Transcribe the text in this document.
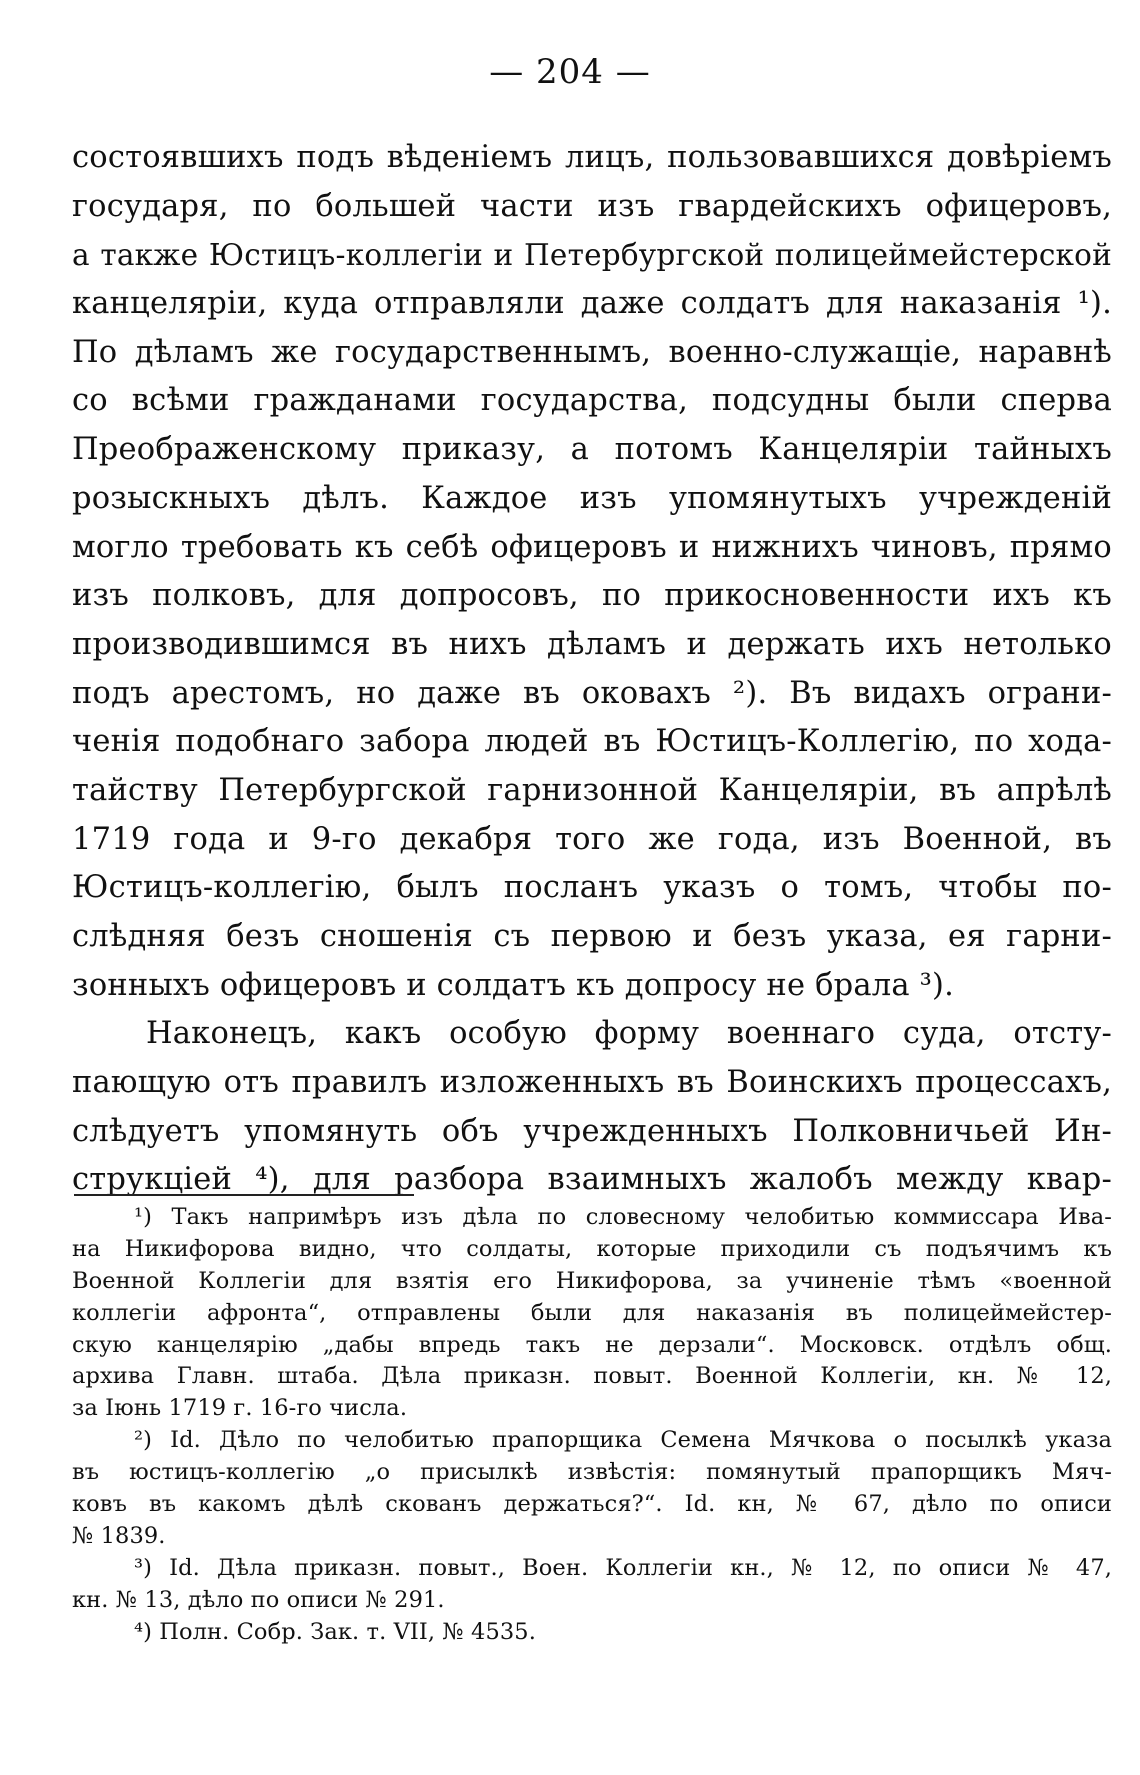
— 204 —
состоявшихъ подъ вѣденіемъ лицъ, пользовавшихся довѣріемъ
государя, по большей части изъ гвардейскихъ офицеровъ,
а также Юстицъ-коллегіи и Петербургской полицеймейстерской
канцеляріи, куда отправляли даже солдатъ для наказанія ¹).
По дѣламъ же государственнымъ, военно-служащіе, наравнѣ
со всѣми гражданами государства, подсудны были сперва
Преображенскому приказу, а потомъ Канцеляріи тайныхъ
розыскныхъ дѣлъ. Каждое изъ упомянутыхъ учрежденій
могло требовать къ себѣ офицеровъ и нижнихъ чиновъ, прямо
изъ полковъ, для допросовъ, по прикосновенности ихъ къ
производившимся въ нихъ дѣламъ и держать ихъ нетолько
подъ арестомъ, но даже въ оковахъ ²). Въ видахъ ограни-
ченія подобнаго забора людей въ Юстицъ-Коллегію, по хода-
тайству Петербургской гарнизонной Канцеляріи, въ апрѣлѣ
1719 года и 9-го декабря того же года, изъ Военной, въ
Юстицъ-коллегію, былъ посланъ указъ о томъ, чтобы по-
слѣдняя безъ сношенія съ первою и безъ указа, ея гарни-
зонныхъ офицеровъ и солдатъ къ допросу не брала ³).
Наконецъ, какъ особую форму военнаго суда, отсту-
пающую отъ правилъ изложенныхъ въ Воинскихъ процессахъ,
слѣдуетъ упомянуть объ учрежденныхъ Полковничьей Ин-
струкціей ⁴), для разбора взаимныхъ жалобъ между квар-
¹) Такъ напримѣръ изъ дѣла по словесному челобитью коммиссара Ива-
на Никифорова видно, что солдаты, которые приходили съ подъячимъ къ
Военной Коллегіи для взятія его Никифорова, за учиненіе тѣмъ «военной
коллегіи афронта“, отправлены были для наказанія въ полицеймейстер-
скую канцелярію „дабы впредь такъ не дерзали“. Московск. отдѣлъ общ.
архива Главн. штаба. Дѣла приказн. повыт. Военной Коллегіи, кн. № 12,
за Іюнь 1719 г. 16-го числа.
²) Id. Дѣло по челобитью прапорщика Семена Мячкова о посылкѣ указа
въ юстицъ-коллегію „о присылкѣ извѣстія: помянутый прапорщикъ Мяч-
ковъ въ какомъ дѣлѣ скованъ держаться?“. Id. кн, № 67, дѣло по описи
№ 1839.
³) Id. Дѣла приказн. повыт., Воен. Коллегіи кн., № 12, по описи № 47,
кн. № 13, дѣло по описи № 291.
⁴) Полн. Собр. Зак. т. VII, № 4535.
